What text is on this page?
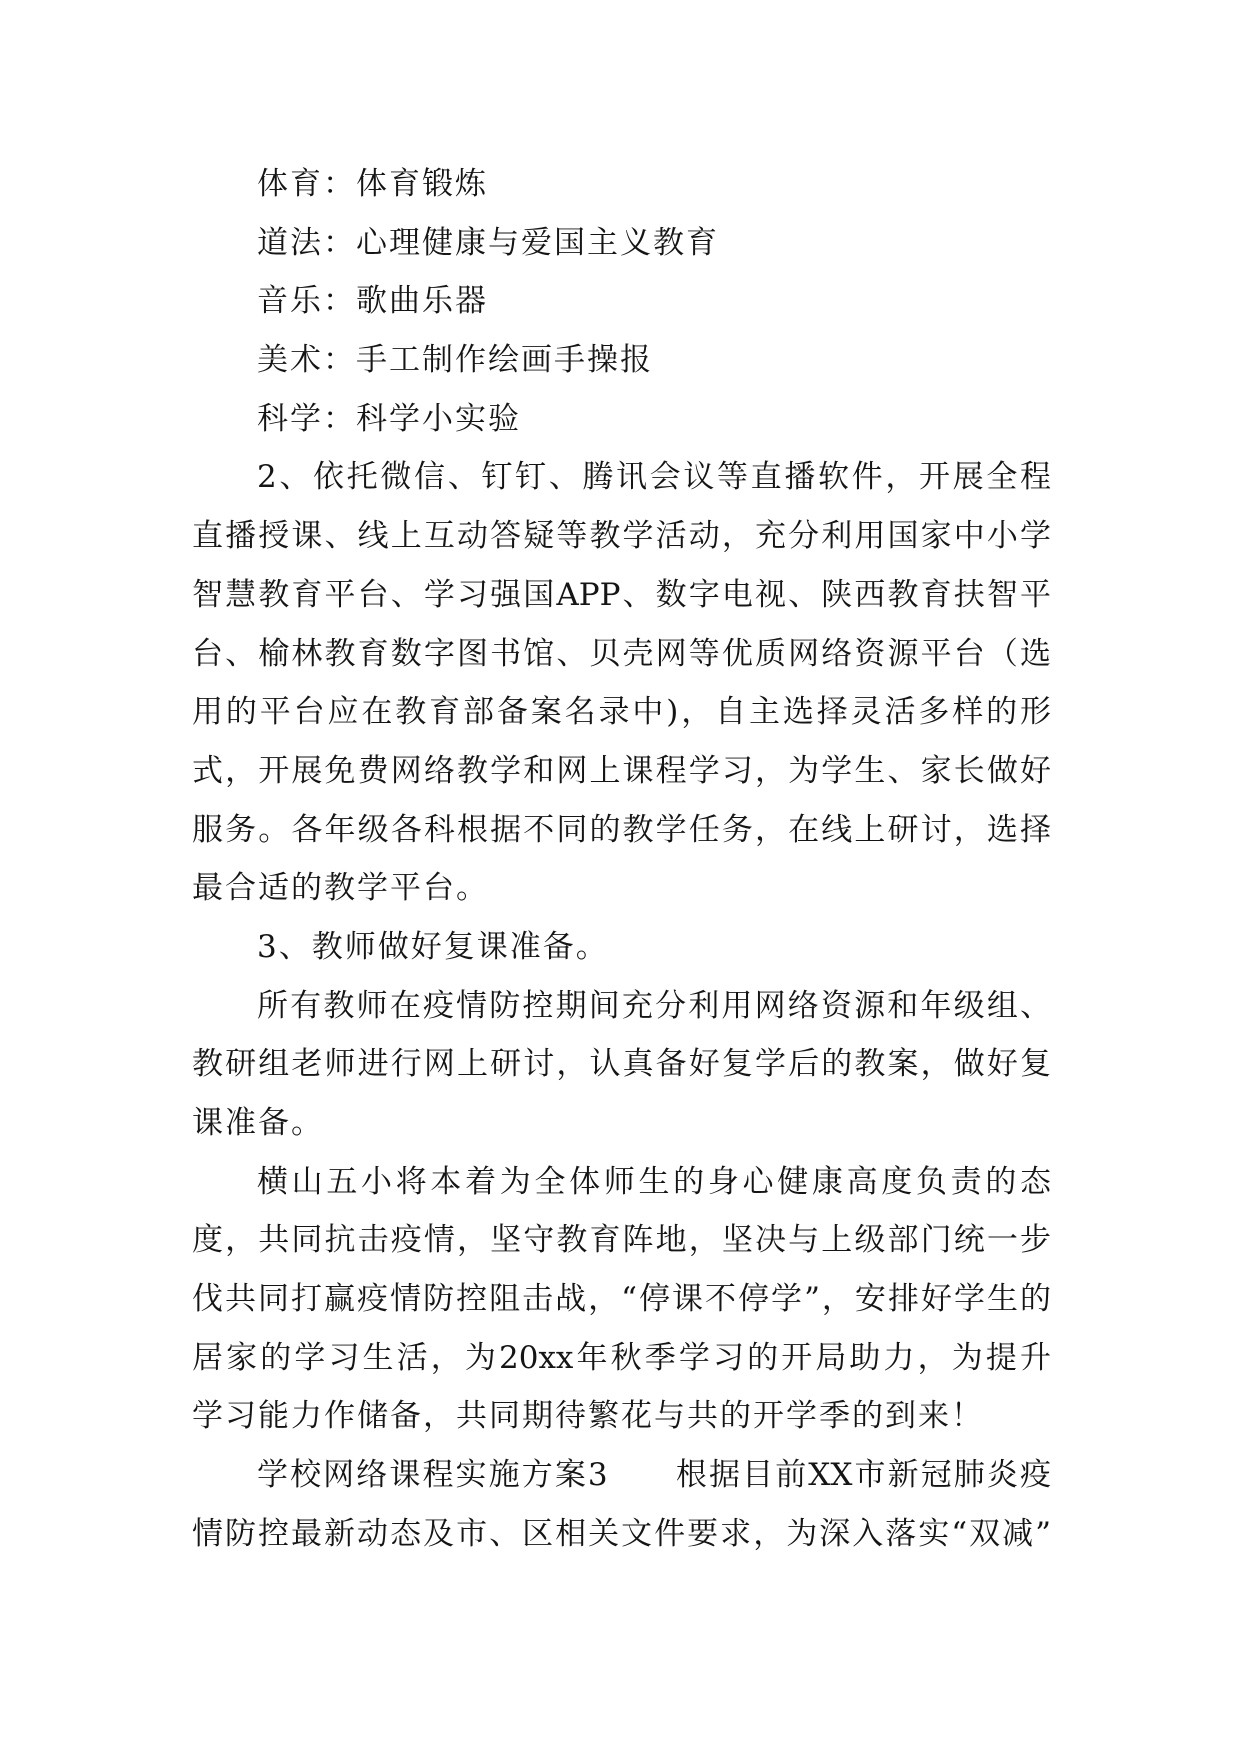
体育：体育锻炼
道法：心理健康与爱国主义教育
音乐：歌曲乐器
美术：手工制作绘画手操报
科学：科学小实验
2、依托微信、钉钉、腾讯会议等直播软件，开展全程
直播授课、线上互动答疑等教学活动，充分利用国家中小学
智慧教育平台、学习强国APP、数字电视、陕西教育扶智平
台、榆林教育数字图书馆、贝壳网等优质网络资源平台（选
用的平台应在教育部备案名录中)，自主选择灵活多样的形
式，开展免费网络教学和网上课程学习，为学生、家长做好
服务。各年级各科根据不同的教学任务，在线上研讨，选择
最合适的教学平台。
3、教师做好复课准备。
所有教师在疫情防控期间充分利用网络资源和年级组、
教研组老师进行网上研讨，认真备好复学后的教案，做好复
课准备。
横山五小将本着为全体师生的身心健康高度负责的态
度，共同抗击疫情，坚守教育阵地，坚决与上级部门统一步
伐共同打赢疫情防控阻击战，“停课不停学”，安排好学生的
居家的学习生活，为20xx年秋季学习的开局助力，为提升
学习能力作储备，共同期待繁花与共的开学季的到来！
学校网络课程实施方案3　　根据目前XX市新冠肺炎疫
情防控最新动态及市、区相关文件要求，为深入落实“双减”
